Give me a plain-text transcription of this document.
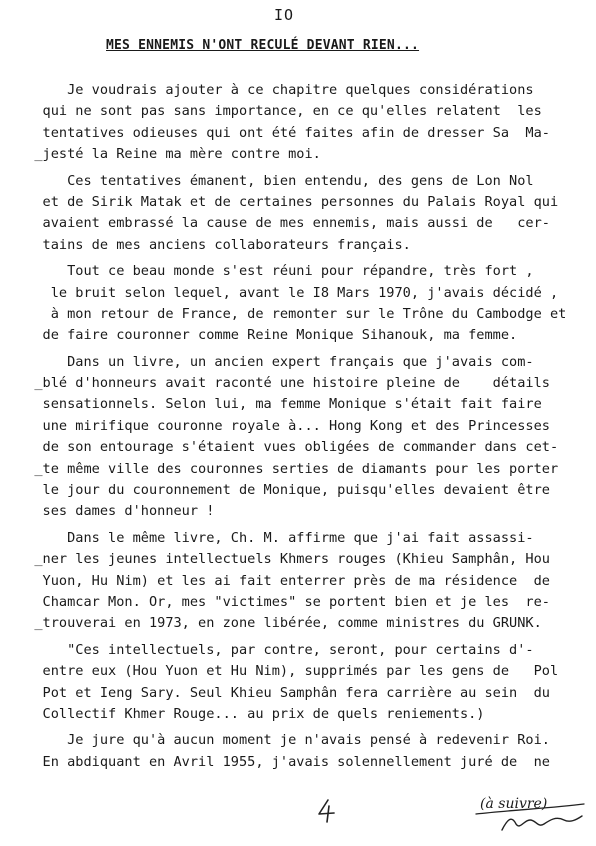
IO
MES ENNEMIS N'ONT RECULÉ DEVANT RIEN...
Je voudrais ajouter à ce chapitre quelques considérations
qui ne sont pas sans importance, en ce qu'elles relatent  les
tentatives odieuses qui ont été faites afin de dresser Sa  Ma-
_jesté la Reine ma mère contre moi.
Ces tentatives émanent, bien entendu, des gens de Lon Nol
et de Sirik Matak et de certaines personnes du Palais Royal qui
avaient embrassé la cause de mes ennemis, mais aussi de   cer-
tains de mes anciens collaborateurs français.
Tout ce beau monde s'est réuni pour répandre, très fort ,
le bruit selon lequel, avant le I8 Mars 1970, j'avais décidé ,
à mon retour de France, de remonter sur le Trône du Cambodge et
de faire couronner comme Reine Monique Sihanouk, ma femme.
Dans un livre, un ancien expert français que j'avais com-
_blé d'honneurs avait raconté une histoire pleine de    détails
sensationnels. Selon lui, ma femme Monique s'était fait faire
une mirifique couronne royale à... Hong Kong et des Princesses
de son entourage s'étaient vues obligées de commander dans cet-
_te même ville des couronnes serties de diamants pour les porter
le jour du couronnement de Monique, puisqu'elles devaient être
ses dames d'honneur !
Dans le même livre, Ch. M. affirme que j'ai fait assassi-
_ner les jeunes intellectuels Khmers rouges (Khieu Samphân, Hou
Yuon, Hu Nim) et les ai fait enterrer près de ma résidence  de
Chamcar Mon. Or, mes "victimes" se portent bien et je les  re-
_trouverai en 1973, en zone libérée, comme ministres du GRUNK.
"Ces intellectuels, par contre, seront, pour certains d'-
entre eux (Hou Yuon et Hu Nim), supprimés par les gens de   Pol
Pot et Ieng Sary. Seul Khieu Samphân fera carrière au sein  du
Collectif Khmer Rouge... au prix de quels reniements.)
Je jure qu'à aucun moment je n'avais pensé à redevenir Roi.
En abdiquant en Avril 1955, j'avais solennellement juré de  ne
(à suivre)
